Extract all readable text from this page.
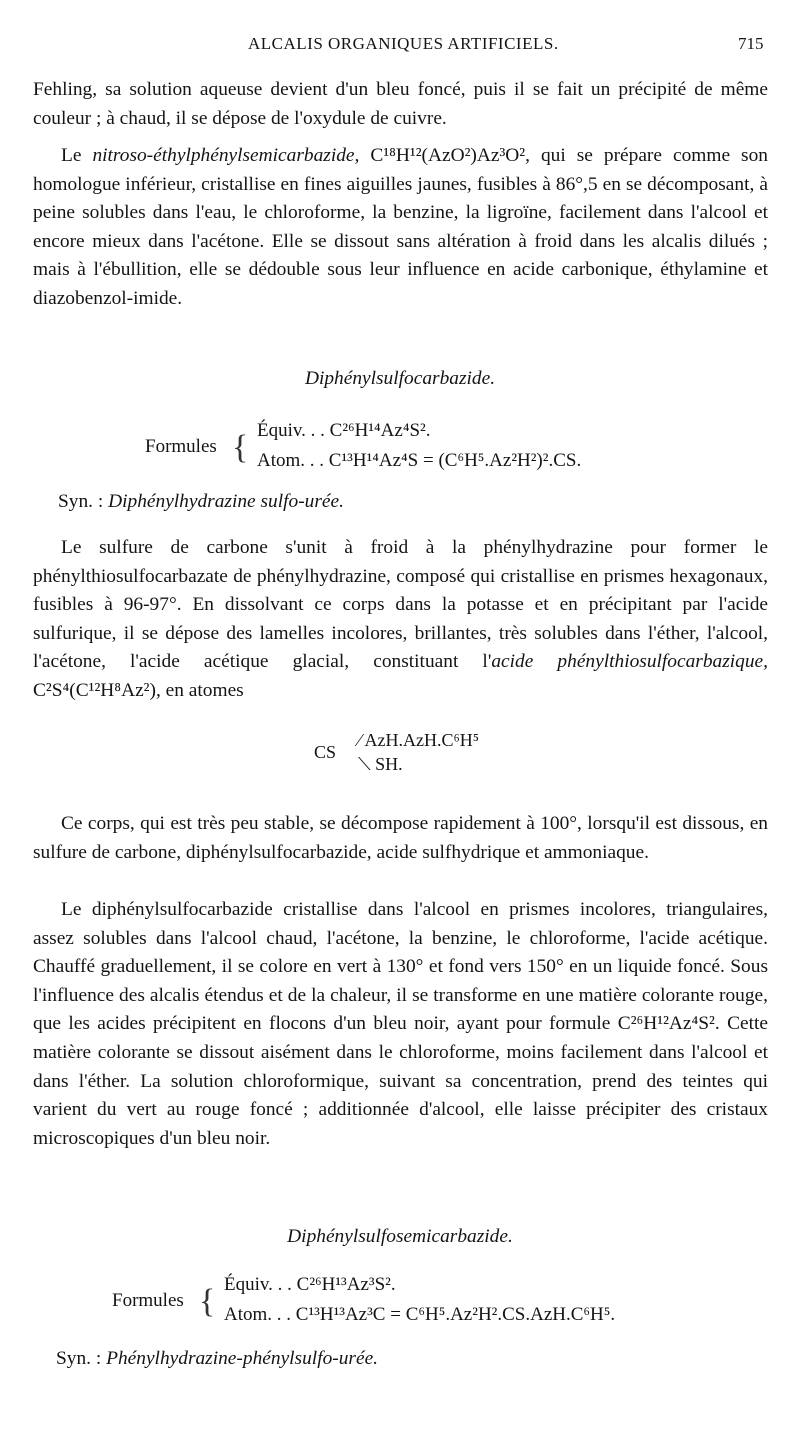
ALCALIS ORGANIQUES ARTIFICIELS.	715

Fehling, sa solution aqueuse devient d'un bleu foncé, puis il se fait un précipité de même couleur ; à chaud, il se dépose de l'oxydule de cuivre.

Le nitroso-éthylphénylsemicarbazide, C¹⁸H¹²(AzO²)Az³O², qui se prépare comme son homologue inférieur, cristallise en fines aiguilles jaunes, fusibles à 86°,5 en se décomposant, à peine solubles dans l'eau, le chloroforme, la benzine, la ligroïne, facilement dans l'alcool et encore mieux dans l'acétone. Elle se dissout sans altération à froid dans les alcalis dilués ; mais à l'ébullition, elle se dédouble sous leur influence en acide carbonique, éthylamine et diazobenzol-imide.

Diphénylsulfocarbazide.
Formules { Équiv. . . C²⁶H¹⁴Az⁴S².
Atom. . . C¹³H¹⁴Az⁴S = (C⁶H⁵.Az²H²)².CS.
Syn. : Diphénylhydrazine sulfo-urée.

Le sulfure de carbone s'unit à froid à la phénylhydrazine pour former le phénylthiosulfocarbazate de phénylhydrazine, composé qui cristallise en prismes hexagonaux, fusibles à 96-97°. En dissolvant ce corps dans la potasse et en précipitant par l'acide sulfurique, il se dépose des lamelles incolores, brillantes, très solubles dans l'éther, l'alcool, l'acétone, l'acide acétique glacial, constituant l'acide phénylthiosulfocarbazique, C²S⁴(C¹²H⁸Az²), en atomes

CS
⁄ AzH.AzH.C⁶H⁵
⟍ SH.

Ce corps, qui est très peu stable, se décompose rapidement à 100°, lorsqu'il est dissous, en sulfure de carbone, diphénylsulfocarbazide, acide sulfhydrique et ammoniaque.

Le diphénylsulfocarbazide cristallise dans l'alcool en prismes incolores, triangulaires, assez solubles dans l'alcool chaud, l'acétone, la benzine, le chloroforme, l'acide acétique. Chauffé graduellement, il se colore en vert à 130° et fond vers 150° en un liquide foncé. Sous l'influence des alcalis étendus et de la chaleur, il se transforme en une matière colorante rouge, que les acides précipitent en flocons d'un bleu noir, ayant pour formule C²⁶H¹²Az⁴S². Cette matière colorante se dissout aisément dans le chloroforme, moins facilement dans l'alcool et dans l'éther. La solution chloroformique, suivant sa concentration, prend des teintes qui varient du vert au rouge foncé ; additionnée d'alcool, elle laisse précipiter des cristaux microscopiques d'un bleu noir.

Diphénylsulfosemicarbazide.
Formules { Équiv. . . C²⁶H¹³Az³S².
Atom. . . C¹³H¹³Az³C = C⁶H⁵.Az²H².CS.AzH.C⁶H⁵.
Syn. : Phénylhydrazine-phénylsulfo-urée.
